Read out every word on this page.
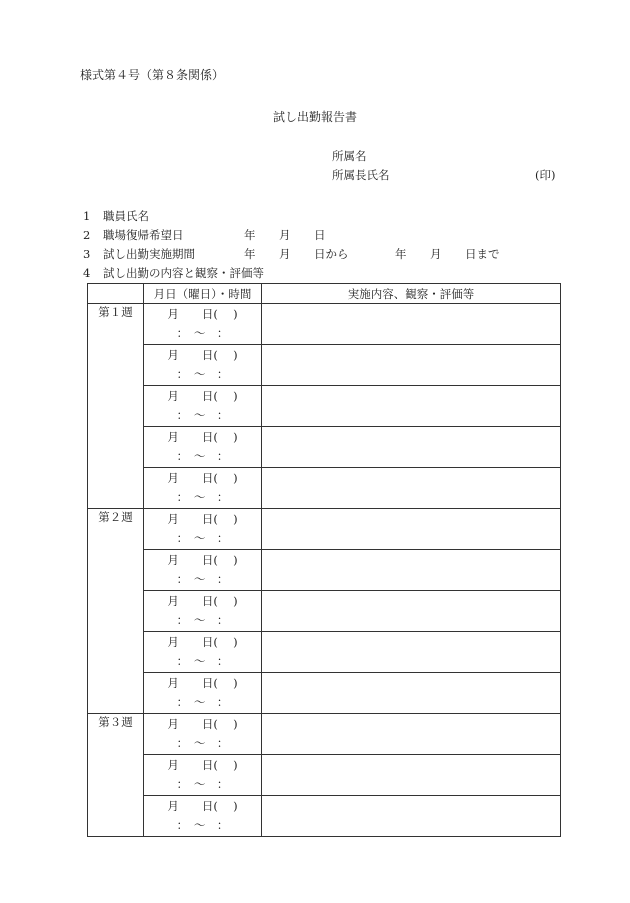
様式第４号（第８条関係）
試し出勤報告書
所属名
所属長氏名	(印)
1 職員氏名
2 職場復帰希望日	年 月 日
3 試し出勤実施期間	年 月 日から	年 月 日まで
4 試し出勤の内容と観察・評価等
	月日（曜日）・時間	実施内容、観察・評価等
第１週	月　　日(　 )
：　〜　：	

	月　　日(　 )
：　〜　：	

	月　　日(　 )
：　〜　：	

	月　　日(　 )
：　〜　：	

	月　　日(　 )
：　〜　：	

第２週	月　　日(　 )
：　〜　：	

	月　　日(　 )
：　〜　：	

	月　　日(　 )
：　〜　：	

	月　　日(　 )
：　〜　：	

	月　　日(　 )
：　〜　：	

第３週	月　　日(　 )
：　〜　：	

	月　　日(　 )
：　〜　：	

	月　　日(　 )
：　〜　：	
